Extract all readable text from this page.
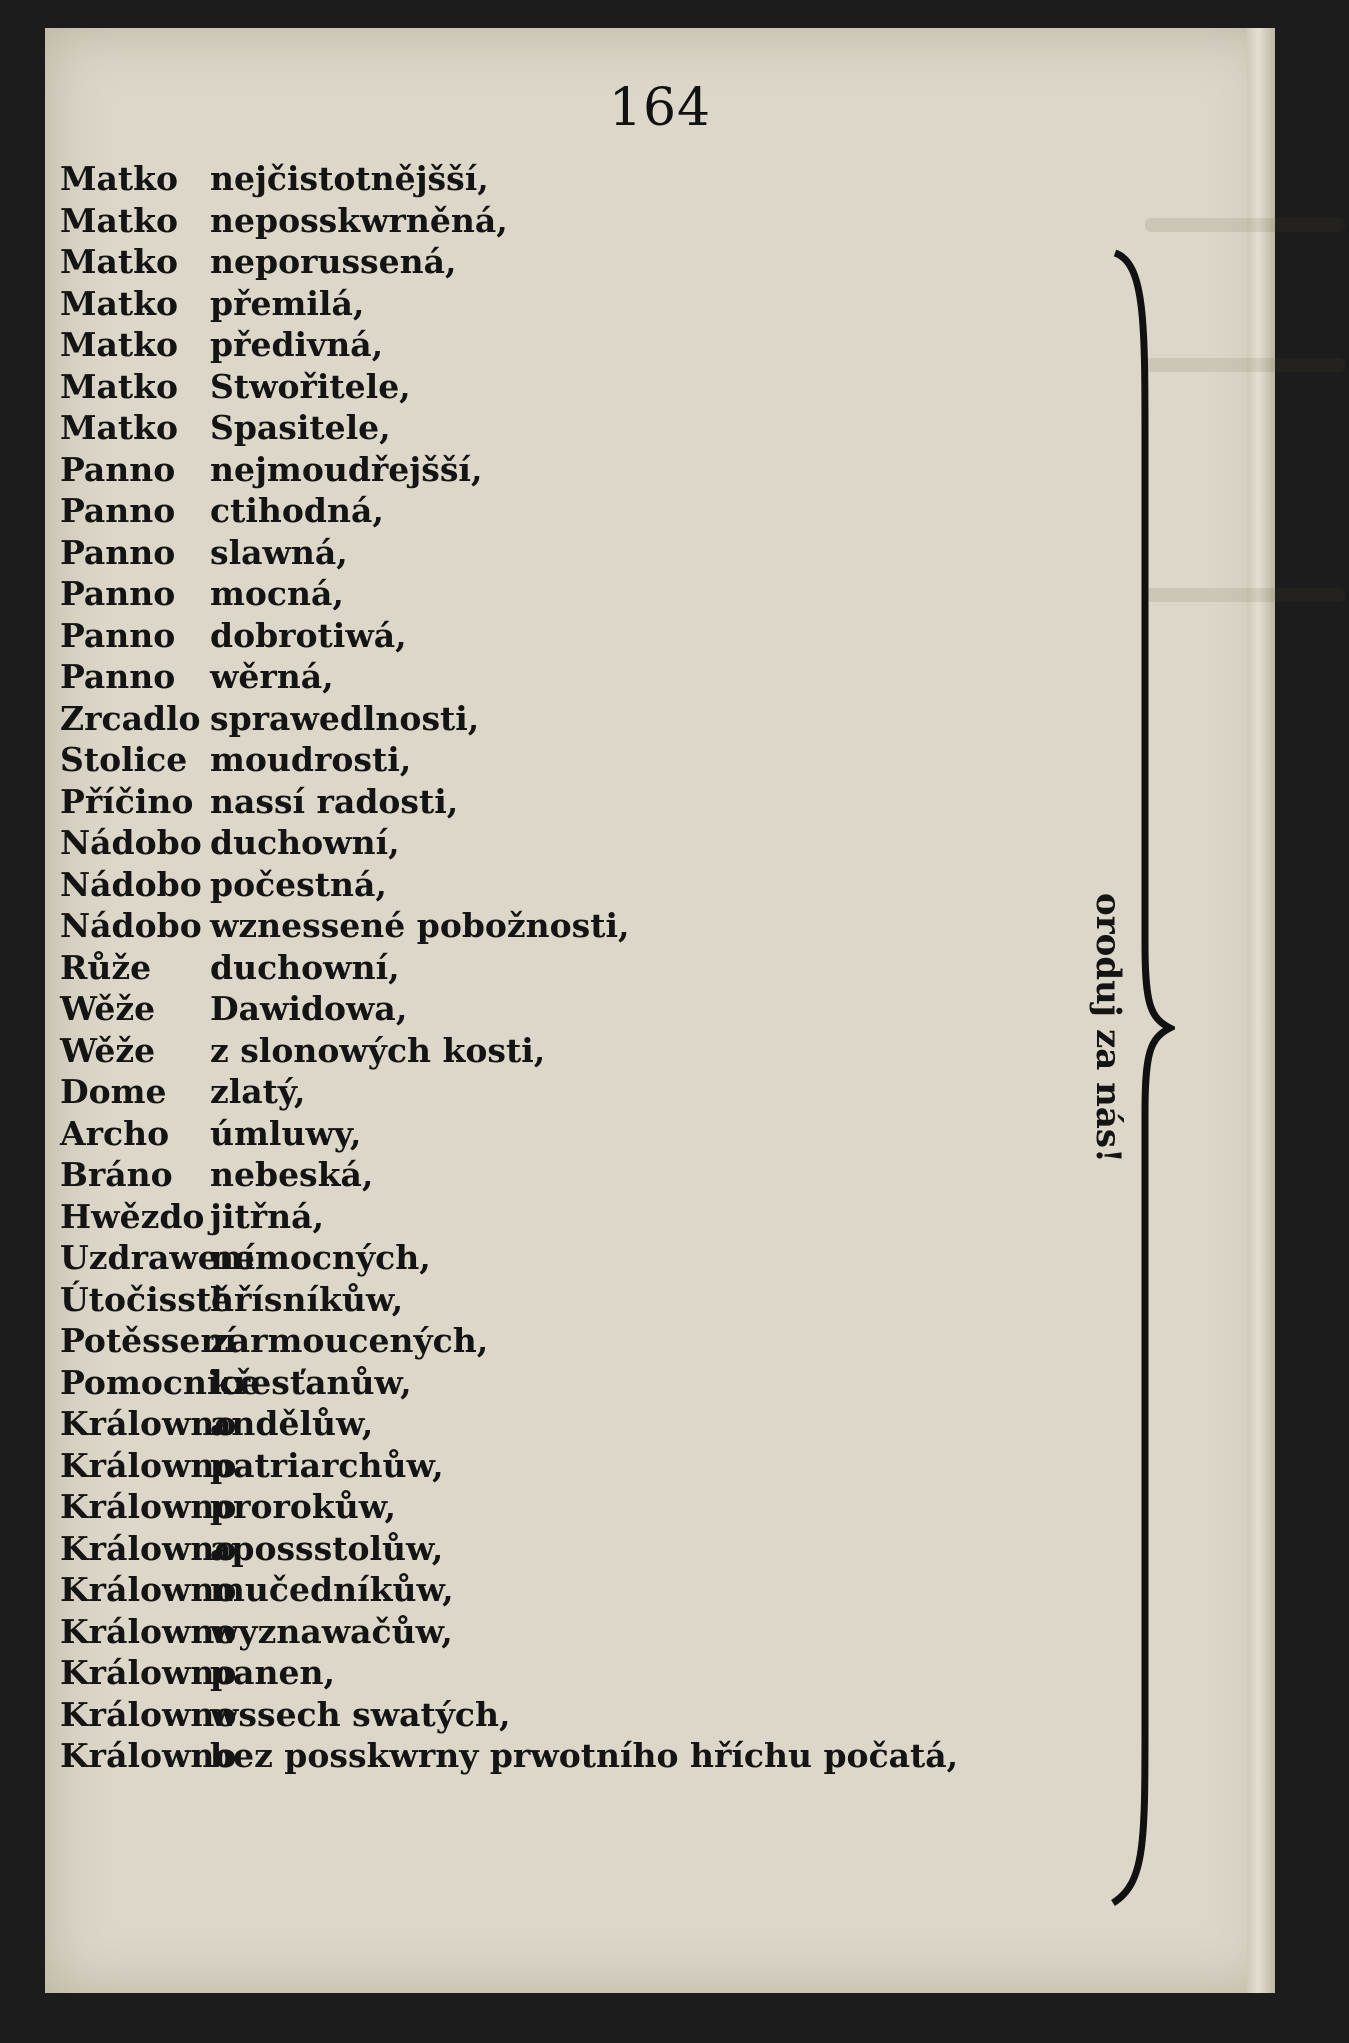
164
Matko nejčistotnějšší,
Matko neposskwrněná,
Matko neporussená,
Matko přemilá,
Matko předivná,
Matko Stwořitele,
Matko Spasitele,
Panno nejmoudřejšší,
Panno ctihodná,
Panno slawná,
Panno mocná,
Panno dobrotiwá,
Panno wěrná,
Zrcadlo sprawedlnosti,
Stolice moudrosti,
Příčino nassí radosti,
Nádobo duchowní,
Nádobo počestná,
Nádobo wznessené pobožnosti,
Růže duchowní,
Wěže Dawidowa,
Wěže z slonowých kosti,
Dome zlatý,
Archo úmluwy,
Bráno nebeská,
Hwězdo jitřná,
Uzdrawenínemocných,
Útočisstěhřísníkůw,
Potěssenízarmoucených,
Pomocnicekřesťanůw,
Králownoandělůw,
Králownopatriarchůw,
Králownoprorokůw,
Králownoapossstolůw,
Králownomučedníkůw,
Králownowyznawačůw,
Králownopanen,
Králownowssech swatých,
Králownobez posskwrny prwotního hříchu počatá,
oroduj za nás!
